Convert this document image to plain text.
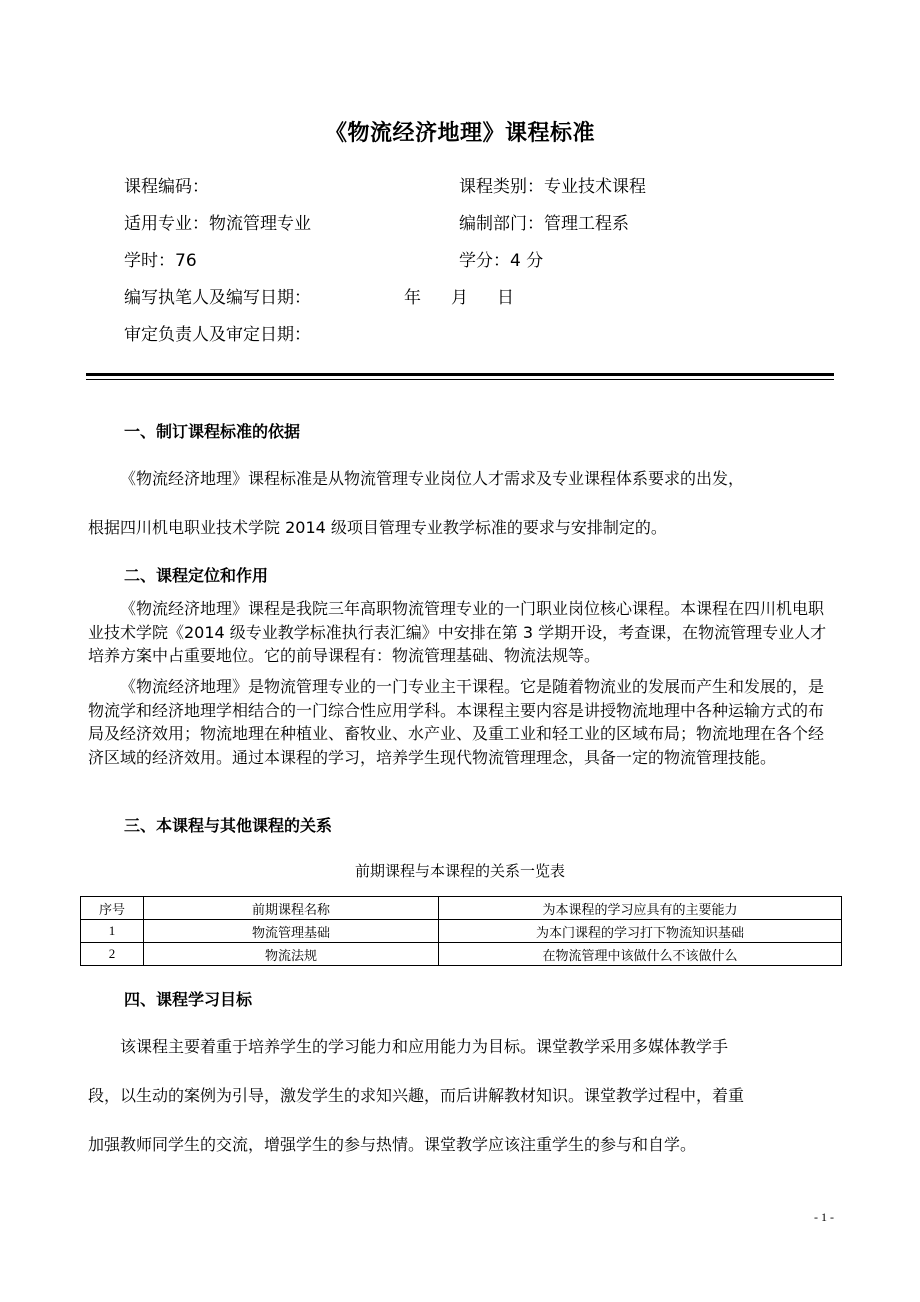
《物流经济地理》课程标准
课程编码：	课程类别：专业技术课程
适用专业：物流管理专业	编制部门：管理工程系
学时：76	学分：4 分
编写执笔人及编写日期：	年 月 日
审定负责人及审定日期：
一、制订课程标准的依据
《物流经济地理》课程标准是从物流管理专业岗位人才需求及专业课程体系要求的出发，
根据四川机电职业技术学院 2014 级项目管理专业教学标准的要求与安排制定的。
二、课程定位和作用
《物流经济地理》课程是我院三年高职物流管理专业的一门职业岗位核心课程。本课程在四川机电职业技术学院《2014 级专业教学标准执行表汇编》中安排在第 3 学期开设，考查课，在物流管理专业人才培养方案中占重要地位。它的前导课程有：物流管理基础、物流法规等。
《物流经济地理》是物流管理专业的一门专业主干课程。它是随着物流业的发展而产生和发展的，是物流学和经济地理学相结合的一门综合性应用学科。本课程主要内容是讲授物流地理中各种运输方式的布局及经济效用；物流地理在种植业、畜牧业、水产业、及重工业和轻工业的区域布局；物流地理在各个经济区域的经济效用。通过本课程的学习，培养学生现代物流管理理念，具备一定的物流管理技能。
三、本课程与其他课程的关系
前期课程与本课程的关系一览表
序号	前期课程名称	为本课程的学习应具有的主要能力
1	物流管理基础	为本门课程的学习打下物流知识基础
2	物流法规	在物流管理中该做什么不该做什么
四、课程学习目标
该课程主要着重于培养学生的学习能力和应用能力为目标。课堂教学采用多媒体教学手
段，以生动的案例为引导，激发学生的求知兴趣，而后讲解教材知识。课堂教学过程中，着重
加强教师同学生的交流，增强学生的参与热情。课堂教学应该注重学生的参与和自学。
- 1 -
